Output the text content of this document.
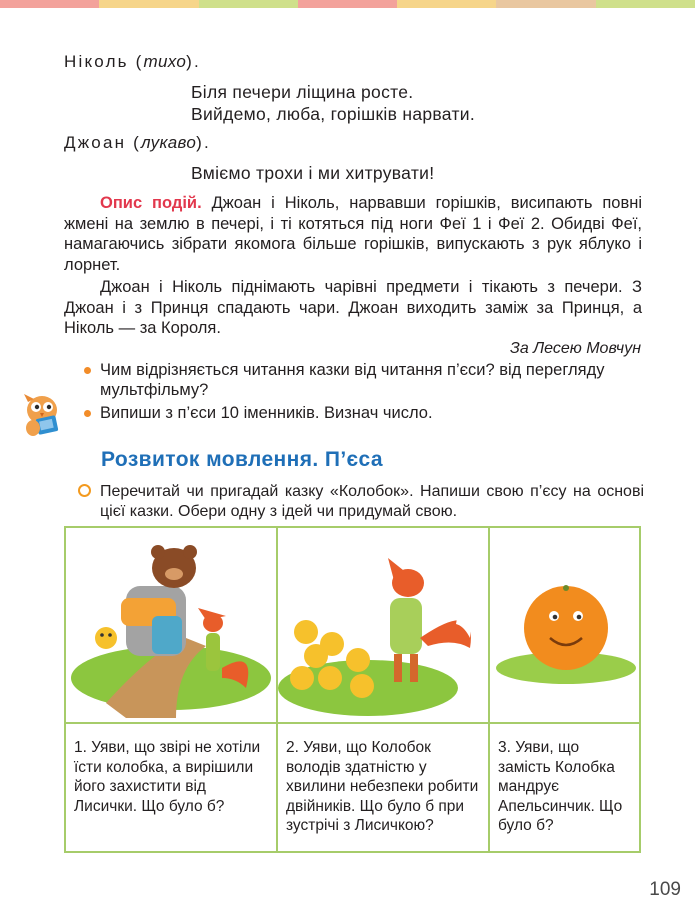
Ніколь (тихо).
Біля печери ліщина росте.
Вийдемо, люба, горішків нарвати.
Джоан (лукаво).
Вміємо трохи і ми хитрувати!
Опис подій. Джоан і Ніколь, нарвавши горішків, висипають повні жмені на землю в печері, і ті котяться під ноги Феї 1 і Феї 2. Обидві Феї, намагаючись зібрати якомога більше горішків, випускають з рук яблуко і лорнет.
Джоан і Ніколь піднімають чарівні предмети і тікають з печери. З Джоан і з Принця спадають чари. Джоан виходить заміж за Принця, а Ніколь — за Короля.
За Лесею Мовчун
Чим відрізняється читання казки від читання п’єси? від перегляду мультфільму?
Випиши з п’єси 10 іменників. Визнач число.
Розвиток мовлення. П’єса

Перечитай чи пригадай казку «Колобок». Напиши свою п’єсу на основі цієї казки. Обери одну з ідей чи придумай свою.

1. Уяви, що звірі не хотіли їсти колобка, а вирішили його захистити від Лисички. Що було б?
2. Уяви, що Колобок володів здатністю у хвилини небезпеки робити двійників. Що було б при зустрічі з Лисичкою?
3. Уяви, що замість Колобка мандрує Апельсинчик. Що було б?
109
